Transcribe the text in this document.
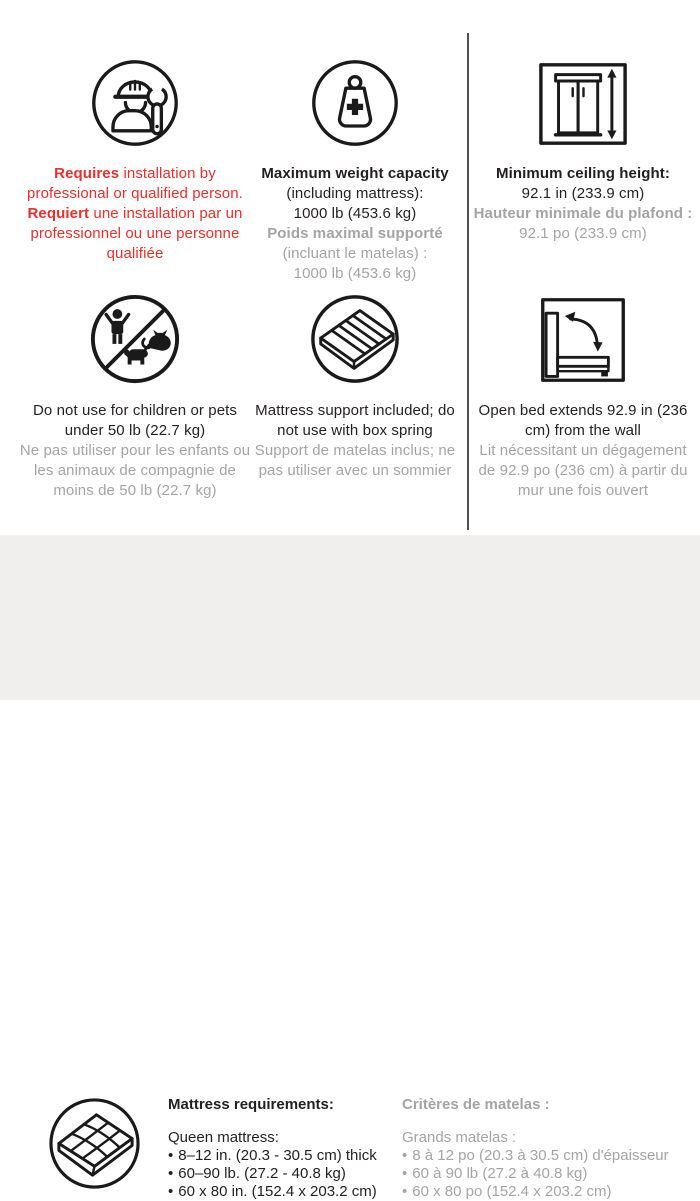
Requires installation by professional or qualified person. Requiert une installation par un professionnel ou une personne qualifiée

Maximum weight capacity
(including mattress):
1000 lb (453.6 kg)
Poids maximal supporté
(incluant le matelas) :
1000 lb (453.6 kg)
Minimum ceiling height:
92.1 in (233.9 cm)
Hauteur minimale du plafond :
92.1 po (233.9 cm)

Do not use for children or pets under 50 lb (22.7 kg)

Ne pas utiliser pour les enfants ou les animaux de compagnie de moins de 50 lb (22.7 kg)

Mattress support included; do not use with box spring

Support de matelas inclus; ne pas utiliser avec un sommier

Open bed extends 92.9 in (236 cm) from the wall

Lit nécessitant un dégagement de 92.9 po (236 cm) à partir du mur une fois ouvert

Mattress requirements:
Queen mattress:
• 8–12 in. (20.3 - 30.5 cm) thick
• 60–90 lb. (27.2 - 40.8 kg)
• 60 x 80 in. (152.4 x 203.2 cm)
Critères de matelas :
Grands matelas :
• 8 à 12 po (20.3 à 30.5 cm) d'épaisseur
• 60 à 90 lb (27.2 à 40.8 kg)
• 60 x 80 po (152.4 x 203.2 cm)
